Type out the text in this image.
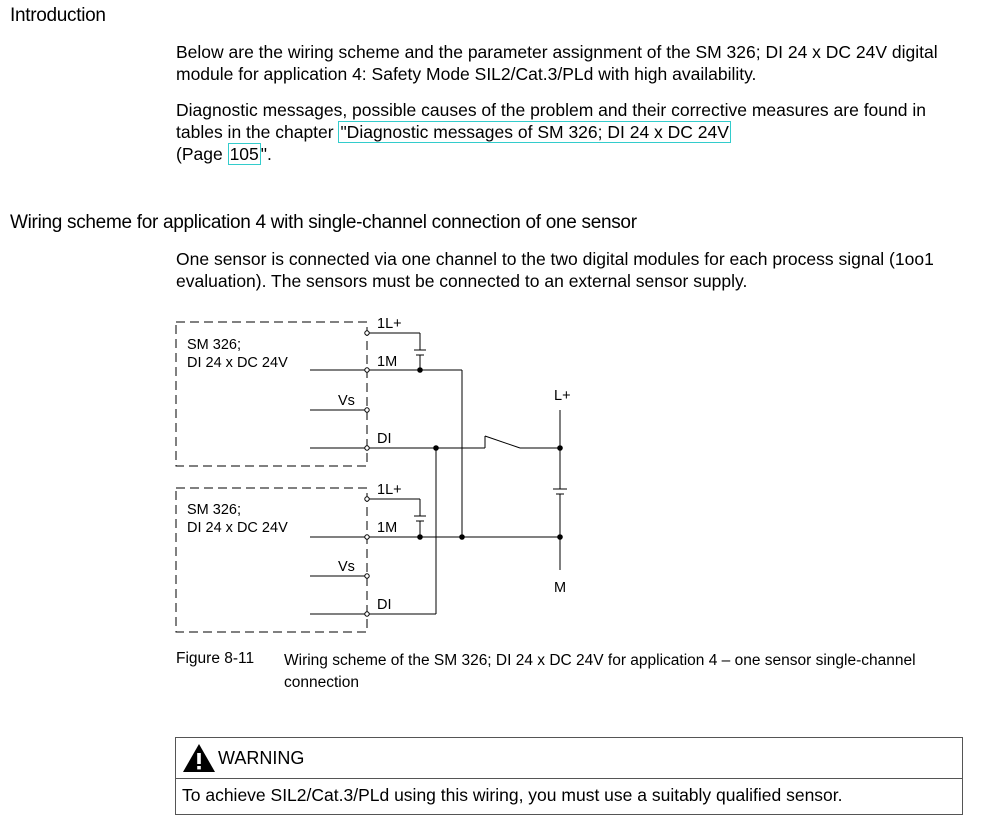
Introduction

Below are the wiring scheme and the parameter assignment of the SM 326; DI 24 x DC 24V digital module for application 4: Safety Mode SIL2/Cat.3/PLd with high availability.

Diagnostic messages, possible causes of the problem and their corrective measures are found in tables in the chapter "Diagnostic messages of SM 326; DI 24 x DC 24V
(Page 105 ".

Wiring scheme for application 4 with single-channel connection of one sensor

One sensor is connected via one channel to the two digital modules for each process signal (1oo1 evaluation). The sensors must be connected to an external sensor supply.

SM 326;
DI 24 x DC 24V
1L+
1M
Vs
DI
SM 326;
DI 24 x DC 24V
1L+
1M
Vs
DI
L+
M
Figure 8-11 Wiring scheme of the SM 326; DI 24 x DC 24V for application 4 – one sensor single-channel connection
WARNING
To achieve SIL2/Cat.3/PLd using this wiring, you must use a suitably qualified sensor.
